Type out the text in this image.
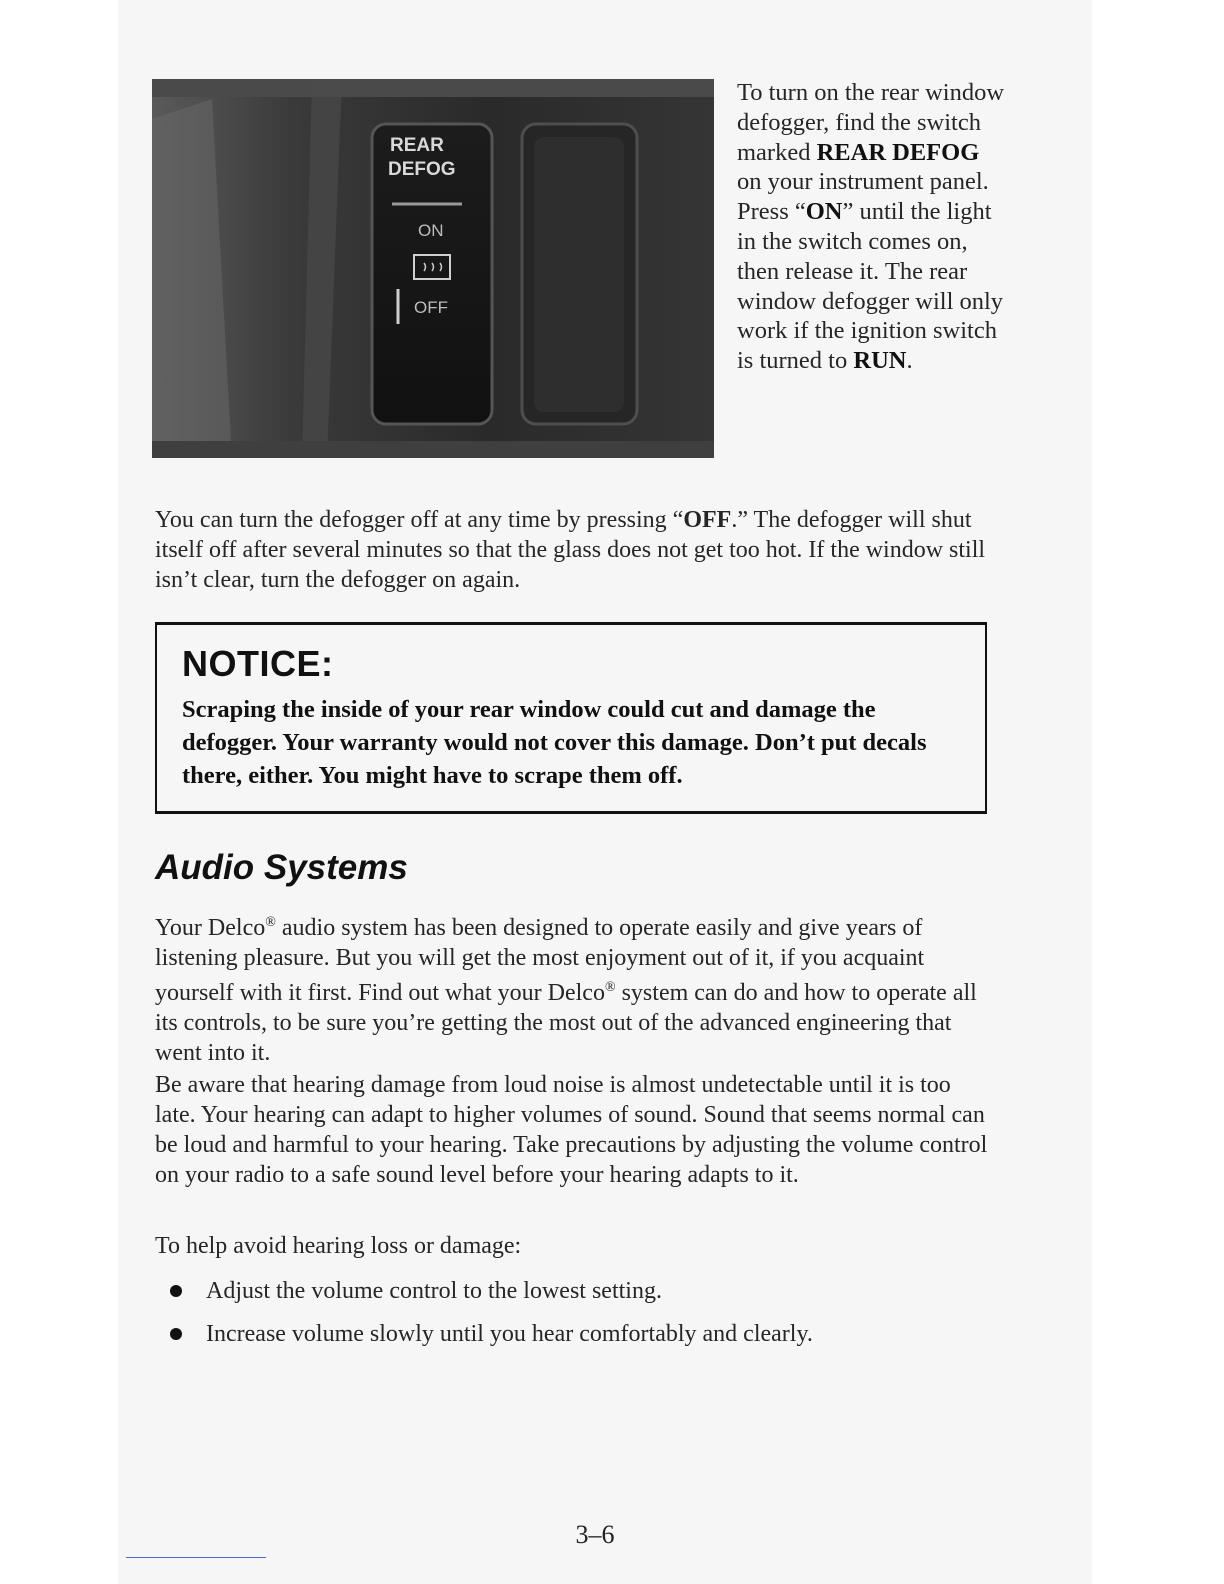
REAR
DEFOG
ON
OFF
To turn on the rear window defogger, find the switch marked REAR DEFOG on your instrument panel. Press “ON” until the light in the switch comes on, then release it. The rear window defogger will only work if the ignition switch is turned to RUN.
You can turn the defogger off at any time by pressing “OFF.” The defogger will shut itself off after several minutes so that the glass does not get too hot. If the window still isn’t clear, turn the defogger on again.
NOTICE:
Scraping the inside of your rear window could cut and damage the defogger. Your warranty would not cover this damage. Don’t put decals there, either. You might have to scrape them off.
Audio Systems
Your Delco® audio system has been designed to operate easily and give years of listening pleasure. But you will get the most enjoyment out of it, if you acquaint yourself with it first. Find out what your Delco® system can do and how to operate all its controls, to be sure you’re getting the most out of the advanced engineering that went into it.
Be aware that hearing damage from loud noise is almost undetectable until it is too late. Your hearing can adapt to higher volumes of sound. Sound that seems normal can be loud and harmful to your hearing. Take precautions by adjusting the volume control on your radio to a safe sound level before your hearing adapts to it.
To help avoid hearing loss or damage:
Adjust the volume control to the lowest setting.
Increase volume slowly until you hear comfortably and clearly.
3–6
